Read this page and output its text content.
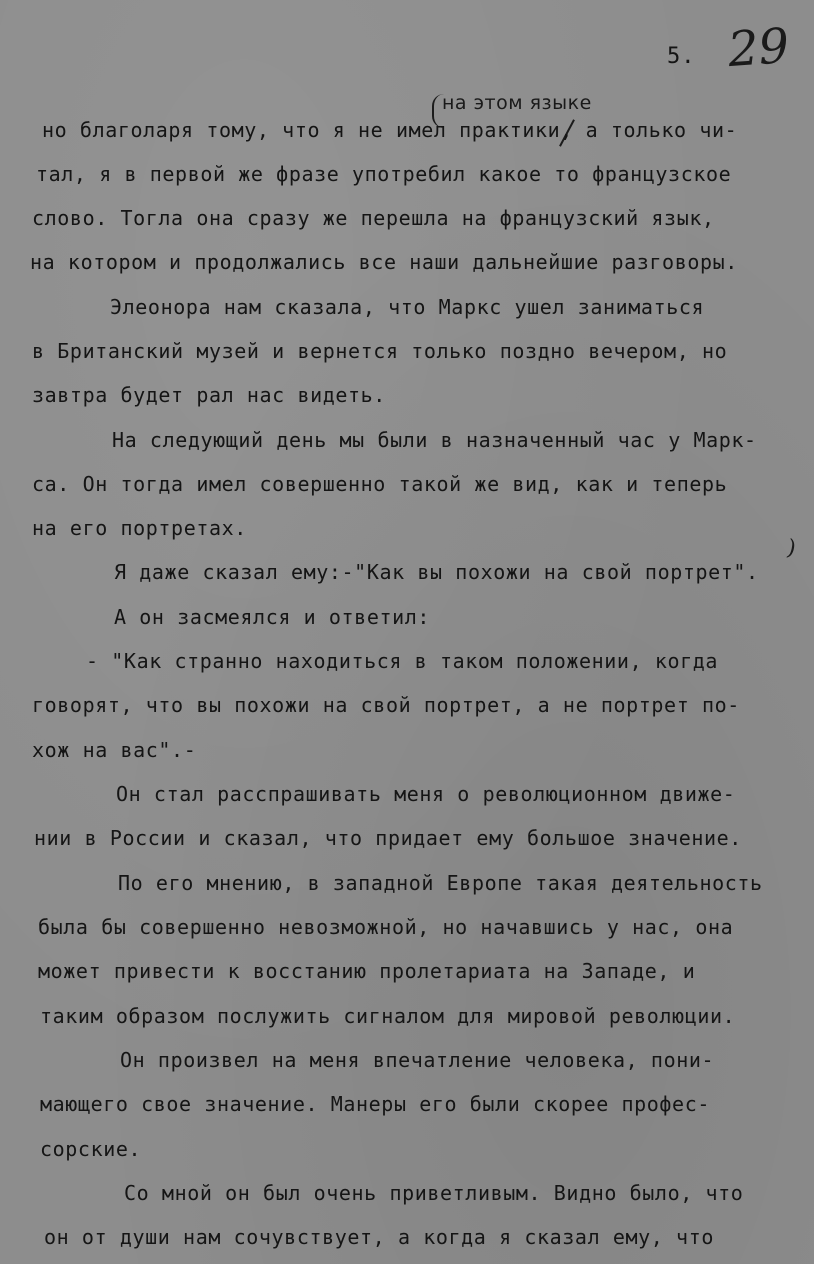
5. 29
на этом языке
но благоларя тому, что я не имел практики, а только чи-
тал, я в первой же фразе употребил какое то французское
слово. Тогла она сразу же перешла на французский язык,
на котором и продолжались все наши дальнейшие разговоры.
Элеонора нам сказала, что Маркс ушел заниматься
в Британский музей и вернется только поздно вечером, но
завтра будет рал нас видеть.
На следующий день мы были в назначенный час у Марк-
са. Он тогда имел совершенно такой же вид, как и теперь
на его портретах.
Я даже сказал ему:-"Как вы похожи на свой портрет".
А он засмеялся и ответил:
- "Как странно находиться в таком положении, когда
говорят, что вы похожи на свой портрет, а не портрет по-
хож на вас".-
Он стал расспрашивать меня о революционном движе-
нии в России и сказал, что придает ему большое значение.
По его мнению, в западной Европе такая деятельность
была бы совершенно невозможной, но начавшись у нас, она
может привести к восстанию пролетариата на Западе, и
таким образом послужить сигналом для мировой революции.
Он произвел на меня впечатление человека, пони-
мающего свое значение. Манеры его были скорее профес-
сорские.
Со мной он был очень приветливым. Видно было, что
он от души нам сочувствует, а когда я сказал ему, что
)
